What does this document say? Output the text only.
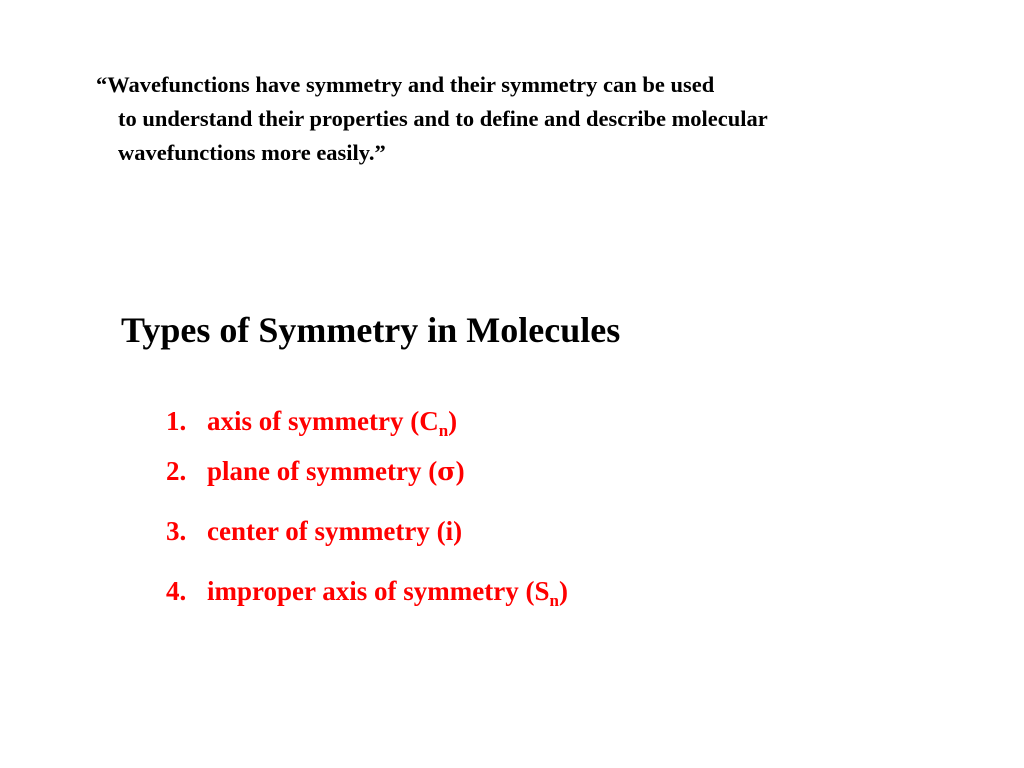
“Wavefunctions have symmetry and their symmetry can be used
to understand their properties and to define and describe molecular
wavefunctions more easily.”

Types of Symmetry in Molecules
1. axis of symmetry $(C_n)$
2. plane of symmetry (σ)
3. center of symmetry (i)
4. improper axis of symmetry $(S_n)$
